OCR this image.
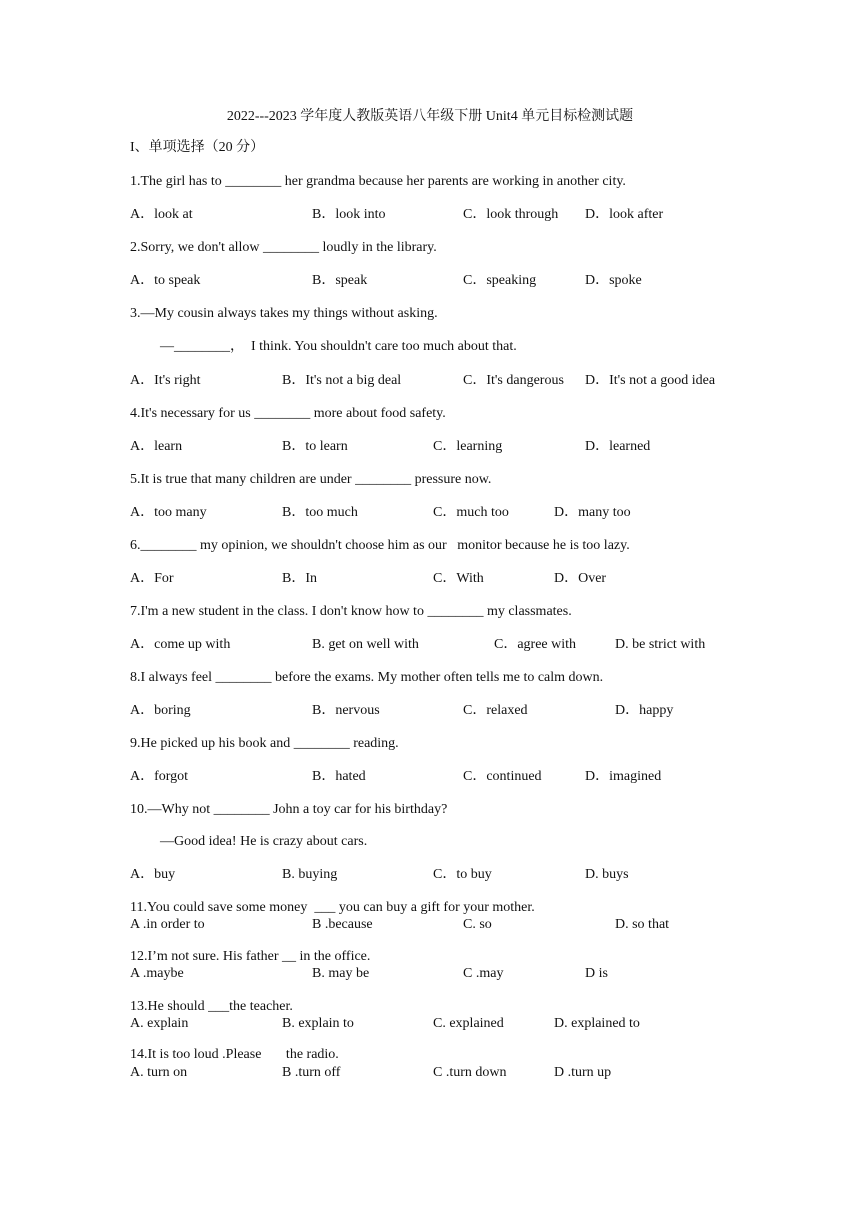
2022---2023 学年度人教版英语八年级下册 Unit4 单元目标检测试题
I、单项选择（20 分）
1.The girl has to ________ her grandma because her parents are working in another city.
A．look at	B．look into	C．look through D．look after
2.Sorry, we don't allow ________ loudly in the library.
A．to speak	B．speak	C．speaking	D．spoke
3.—My cousin always takes my things without asking.
—________，  I think. You shouldn't care too much about that.
A．It's right	B．It's not a big deal	C．It's dangerous D．It's not a good idea
4.It's necessary for us ________ more about food safety.
A．learn	B．to learn	C．learning	D．learned
5.It is true that many children are under ________ pressure now.
A．too many	B．too much	C．much too	D．many too
6.________ my opinion, we shouldn't choose him as our   monitor because he is too lazy.
A．For	B．In	C．With	D．Over
7.I'm a new student in the class. I don't know how to ________ my classmates.
A．come up with	B. get on well with	C．agree with	D. be strict with
8.I always feel ________ before the exams. My mother often tells me to calm down.
A．boring	B．nervous	C．relaxed	D．happy
9.He picked up his book and ________ reading.
A．forgot	B．hated	C．continued	D．imagined
10.—Why not ________ John a toy car for his birthday?
—Good idea! He is crazy about cars.
A．buy	B. buying	C．to buy	D. buys
11.You could save some money  ___ you can buy a gift for your mother.
A .in order to	B .because	C. so	D. so that
12.I’m not sure. His father __ in the office.
A .maybe	B. may be	C .may	D is
13.He should ___the teacher.
A. explain	B. explain to	C. explained	D. explained to
14.It is too loud .Please       the radio.
A. turn on	B .turn off	C .turn down	D .turn up
